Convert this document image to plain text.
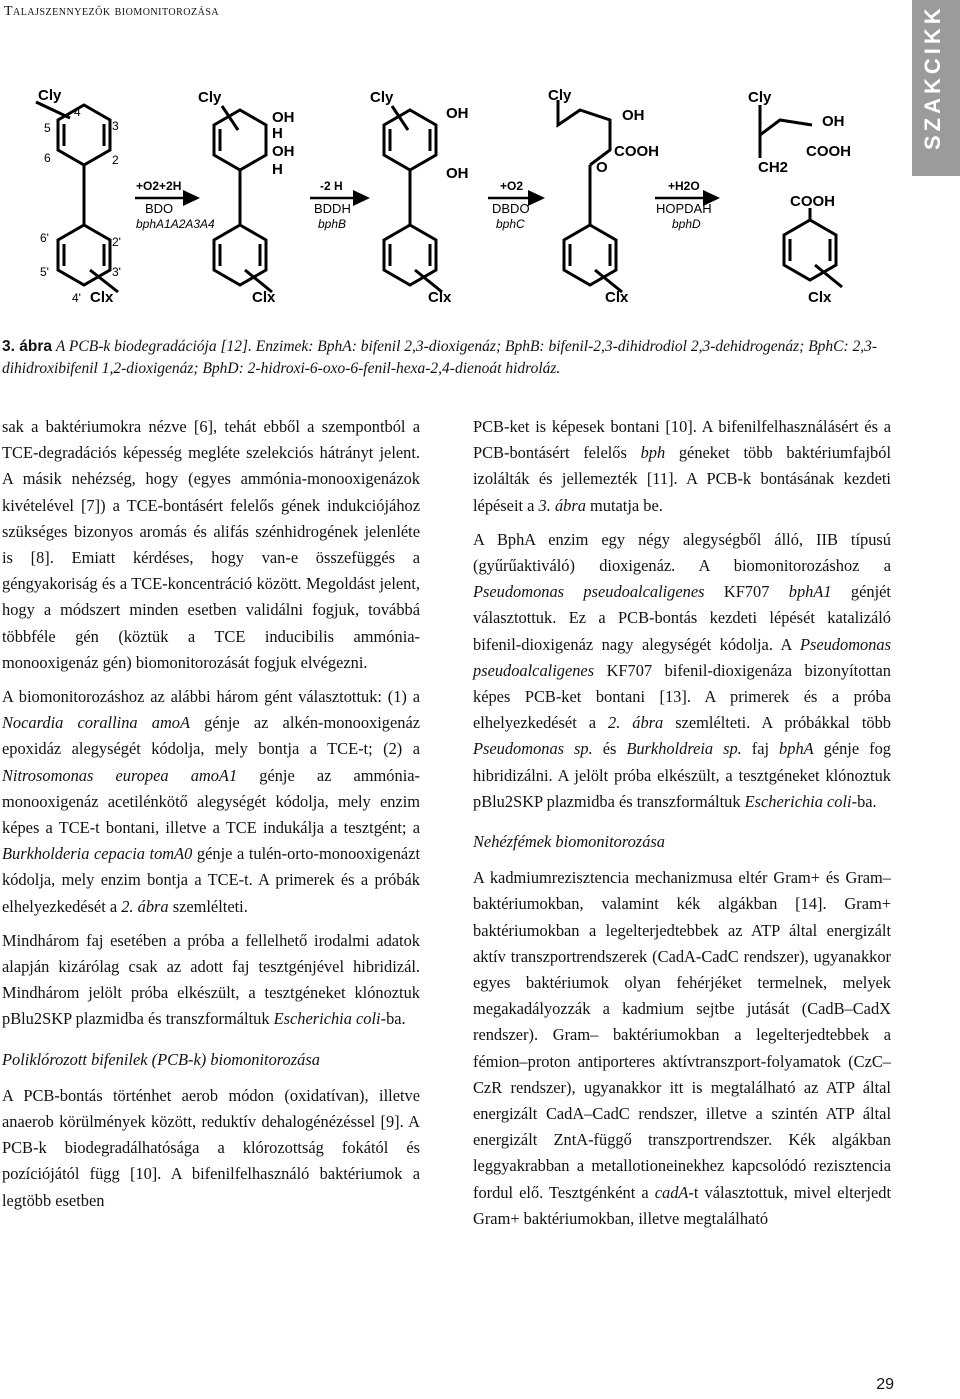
Talajszennyezők biomonitorozása	SZAKCIKK
Cly	Cly	Cly	Cly	Cly
Clx	Clx	Clx	Clx	Clx
OH
H
OH
H
OH
OH
OH
COOH
O
OH
COOH
CH2
COOH
4
3
5
6	2
6'	2'
5'	3'
4'
+O2+2H
BDO
bphA1A2A3A4
-2 H
BDDH
bphB
+O2
DBDO
bphC
+H2O
HOPDAH
bphD
3. ábra A PCB-k biodegradációja [12]. Enzimek: BphA: bifenil 2,3-dioxigenáz; BphB: bifenil-2,3-dihidrodiol 2,3-dehidrogenáz; BphC: 2,3-dihidroxibifenil 1,2-dioxigenáz; BphD: 2-hidroxi-6-oxo-6-fenil-hexa-2,4-dienoát hidroláz.

sak a baktériumokra nézve [6], tehát ebből a szempontból a TCE-degradációs képesség megléte szelekciós hátrányt jelent. A másik nehézség, hogy (egyes ammónia-monooxigenázok kivételével [7]) a TCE-bontásért felelős gének indukciójához szükséges bizonyos aromás és alifás szénhidrogének jelenléte is [8]. Emiatt kérdéses, hogy van-e összefüggés a géngyakoriság és a TCE-koncentráció között. Megoldást jelent, hogy a módszert minden esetben validálni fogjuk, továbbá többféle gén (köztük a TCE inducibilis ammónia-monooxigenáz gén) biomonitorozását fogjuk elvégezni.

A biomonitorozáshoz az alábbi három gént választottuk: (1) a Nocardia corallina amoA génje az alkén-monooxigenáz epoxidáz alegységét kódolja, mely bontja a TCE-t; (2) a Nitrosomonas europea amoA1 génje az ammónia-monooxigenáz acetilénkötő alegységét kódolja, mely enzim képes a TCE-t bontani, illetve a TCE indukálja a tesztgént; a Burkholderia cepacia tomA0 génje a tulén-orto-monooxigenázt kódolja, mely enzim bontja a TCE-t. A primerek és a próbák elhelyezkedését a 2. ábra szemlélteti.

Mindhárom faj esetében a próba a fellelhető irodalmi adatok alapján kizárólag csak az adott faj tesztgénjével hibridizál. Mindhárom jelölt próba elkészült, a tesztgéneket klónoztuk pBlu2SKP plazmidba és transzformáltuk Escherichia coli-ba.

Poliklórozott bifenilek (PCB-k) biomonitorozása

A PCB-bontás történhet aerob módon (oxidatívan), illetve anaerob körülmények között, reduktív dehalogénézéssel [9]. A PCB-k biodegradálhatósága a klórozottság fokától és pozíciójától függ [10]. A bifenilfelhasználó baktériumok a legtöbb esetben

PCB-ket is képesek bontani [10]. A bifenilfelhasználásért és a PCB-bontásért felelős bph géneket több baktériumfajból izolálták és jellemezték [11]. A PCB-k bontásának kezdeti lépéseit a 3. ábra mutatja be.

A BphA enzim egy négy alegységből álló, IIB típusú (gyűrűaktiváló) dioxigenáz. A biomonitorozáshoz a Pseudomonas pseudoalcaligenes KF707 bphA1 génjét választottuk. Ez a PCB-bontás kezdeti lépését katalizáló bifenil-dioxigenáz nagy alegységét kódolja. A Pseudomonas pseudoalcaligenes KF707 bifenil-dioxigenáza bizonyítottan képes PCB-ket bontani [13]. A primerek és a próba elhelyezkedését a 2. ábra szemlélteti. A próbákkal több Pseudomonas sp. és Burkholdreia sp. faj bphA génje fog hibridizálni. A jelölt próba elkészült, a tesztgéneket klónoztuk pBlu2SKP plazmidba és transzformáltuk Escherichia coli-ba.

Nehézfémek biomonitorozása

A kadmiumrezisztencia mechanizmusa eltér Gram+ és Gram– baktériumokban, valamint kék algákban [14]. Gram+ baktériumokban a legelterjedtebbek az ATP által energizált aktív transzportrendszerek (CadA-CadC rendszer), ugyanakkor egyes baktériumok olyan fehérjéket termelnek, melyek megakadályozzák a kadmium sejtbe jutását (CadB–CadX rendszer). Gram– baktériumokban a legelterjedtebbek a fémion–proton antiporteres aktívtranszport-folyamatok (CzC–CzR rendszer), ugyanakkor itt is megtalálható az ATP által energizált CadA–CadC rendszer, illetve a szintén ATP által energizált ZntA-függő transzportrendszer. Kék algákban leggyakrabban a metallotioneinekhez kapcsolódó rezisztencia fordul elő. Tesztgénként a cadA-t választottuk, mivel elterjedt Gram+ baktériumokban, illetve megtalálható

29
